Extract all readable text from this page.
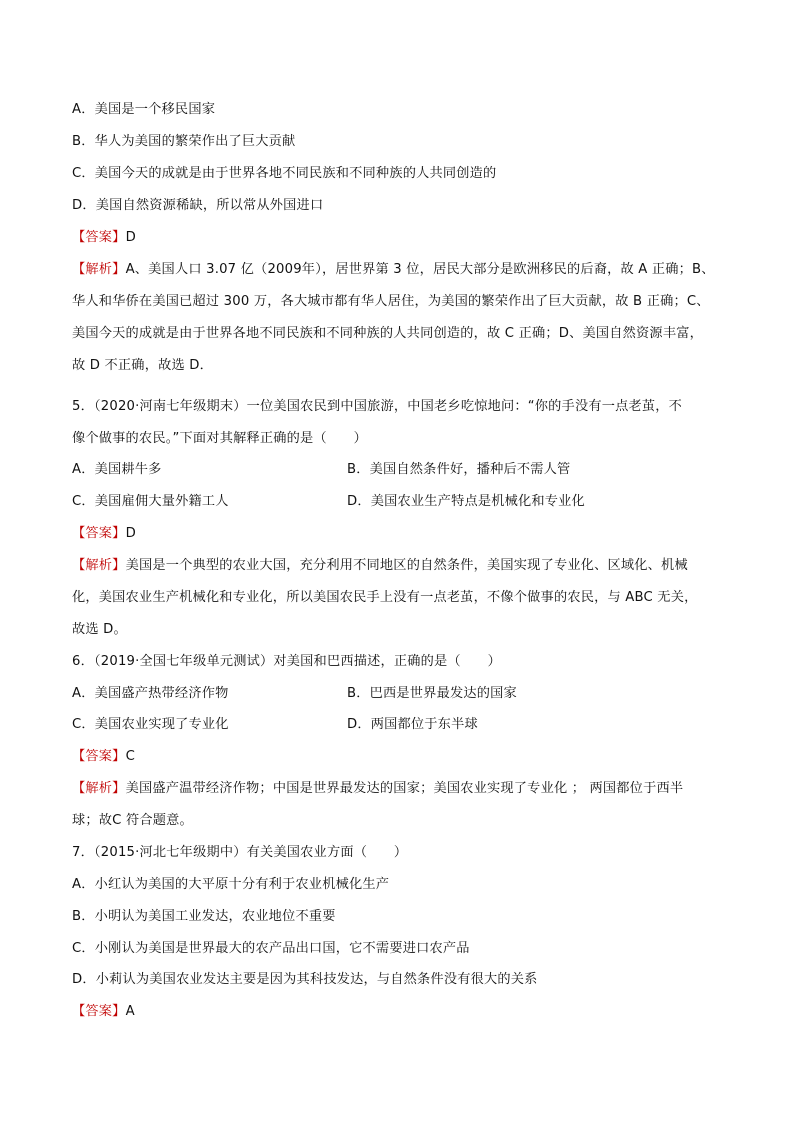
A．美国是一个移民国家
B．华人为美国的繁荣作出了巨大贡献
C．美国今天的成就是由于世界各地不同民族和不同种族的人共同创造的
D．美国自然资源稀缺，所以常从外国进口
【答案】D
【解析】A、美国人口 3.07 亿（2009年），居世界第 3 位，居民大部分是欧洲移民的后裔，故 A 正确；B、
华人和华侨在美国已超过 300 万，各大城市都有华人居住，为美国的繁荣作出了巨大贡献，故 B 正确；C、
美国今天的成就是由于世界各地不同民族和不同种族的人共同创造的，故 C 正确；D、美国自然资源丰富，
故 D 不正确，故选 D．
5．（2020·河南七年级期末）一位美国农民到中国旅游，中国老乡吃惊地问：“你的手没有一点老茧，不
像个做事的农民。”下面对其解释正确的是（　　）
A．美国耕牛多	B．美国自然条件好，播种后不需人管
C．美国雇佣大量外籍工人	D．美国农业生产特点是机械化和专业化
【答案】D
【解析】美国是一个典型的农业大国，充分利用不同地区的自然条件，美国实现了专业化、区域化、机械
化，美国农业生产机械化和专业化，所以美国农民手上没有一点老茧，不像个做事的农民，与 ABC 无关，
故选 D。
6．（2019·全国七年级单元测试）对美国和巴西描述，正确的是（　　）
A．美国盛产热带经济作物	B．巴西是世界最发达的国家
C．美国农业实现了专业化	D．两国都位于东半球
【答案】C
【解析】美国盛产温带经济作物；中国是世界最发达的国家；美国农业实现了专业化 ； 两国都位于西半
球；故C 符合题意。
7．（2015·河北七年级期中）有关美国农业方面（　　）
A．小红认为美国的大平原十分有利于农业机械化生产
B．小明认为美国工业发达，农业地位不重要
C．小刚认为美国是世界最大的农产品出口国，它不需要进口农产品
D．小莉认为美国农业发达主要是因为其科技发达，与自然条件没有很大的关系
【答案】A
